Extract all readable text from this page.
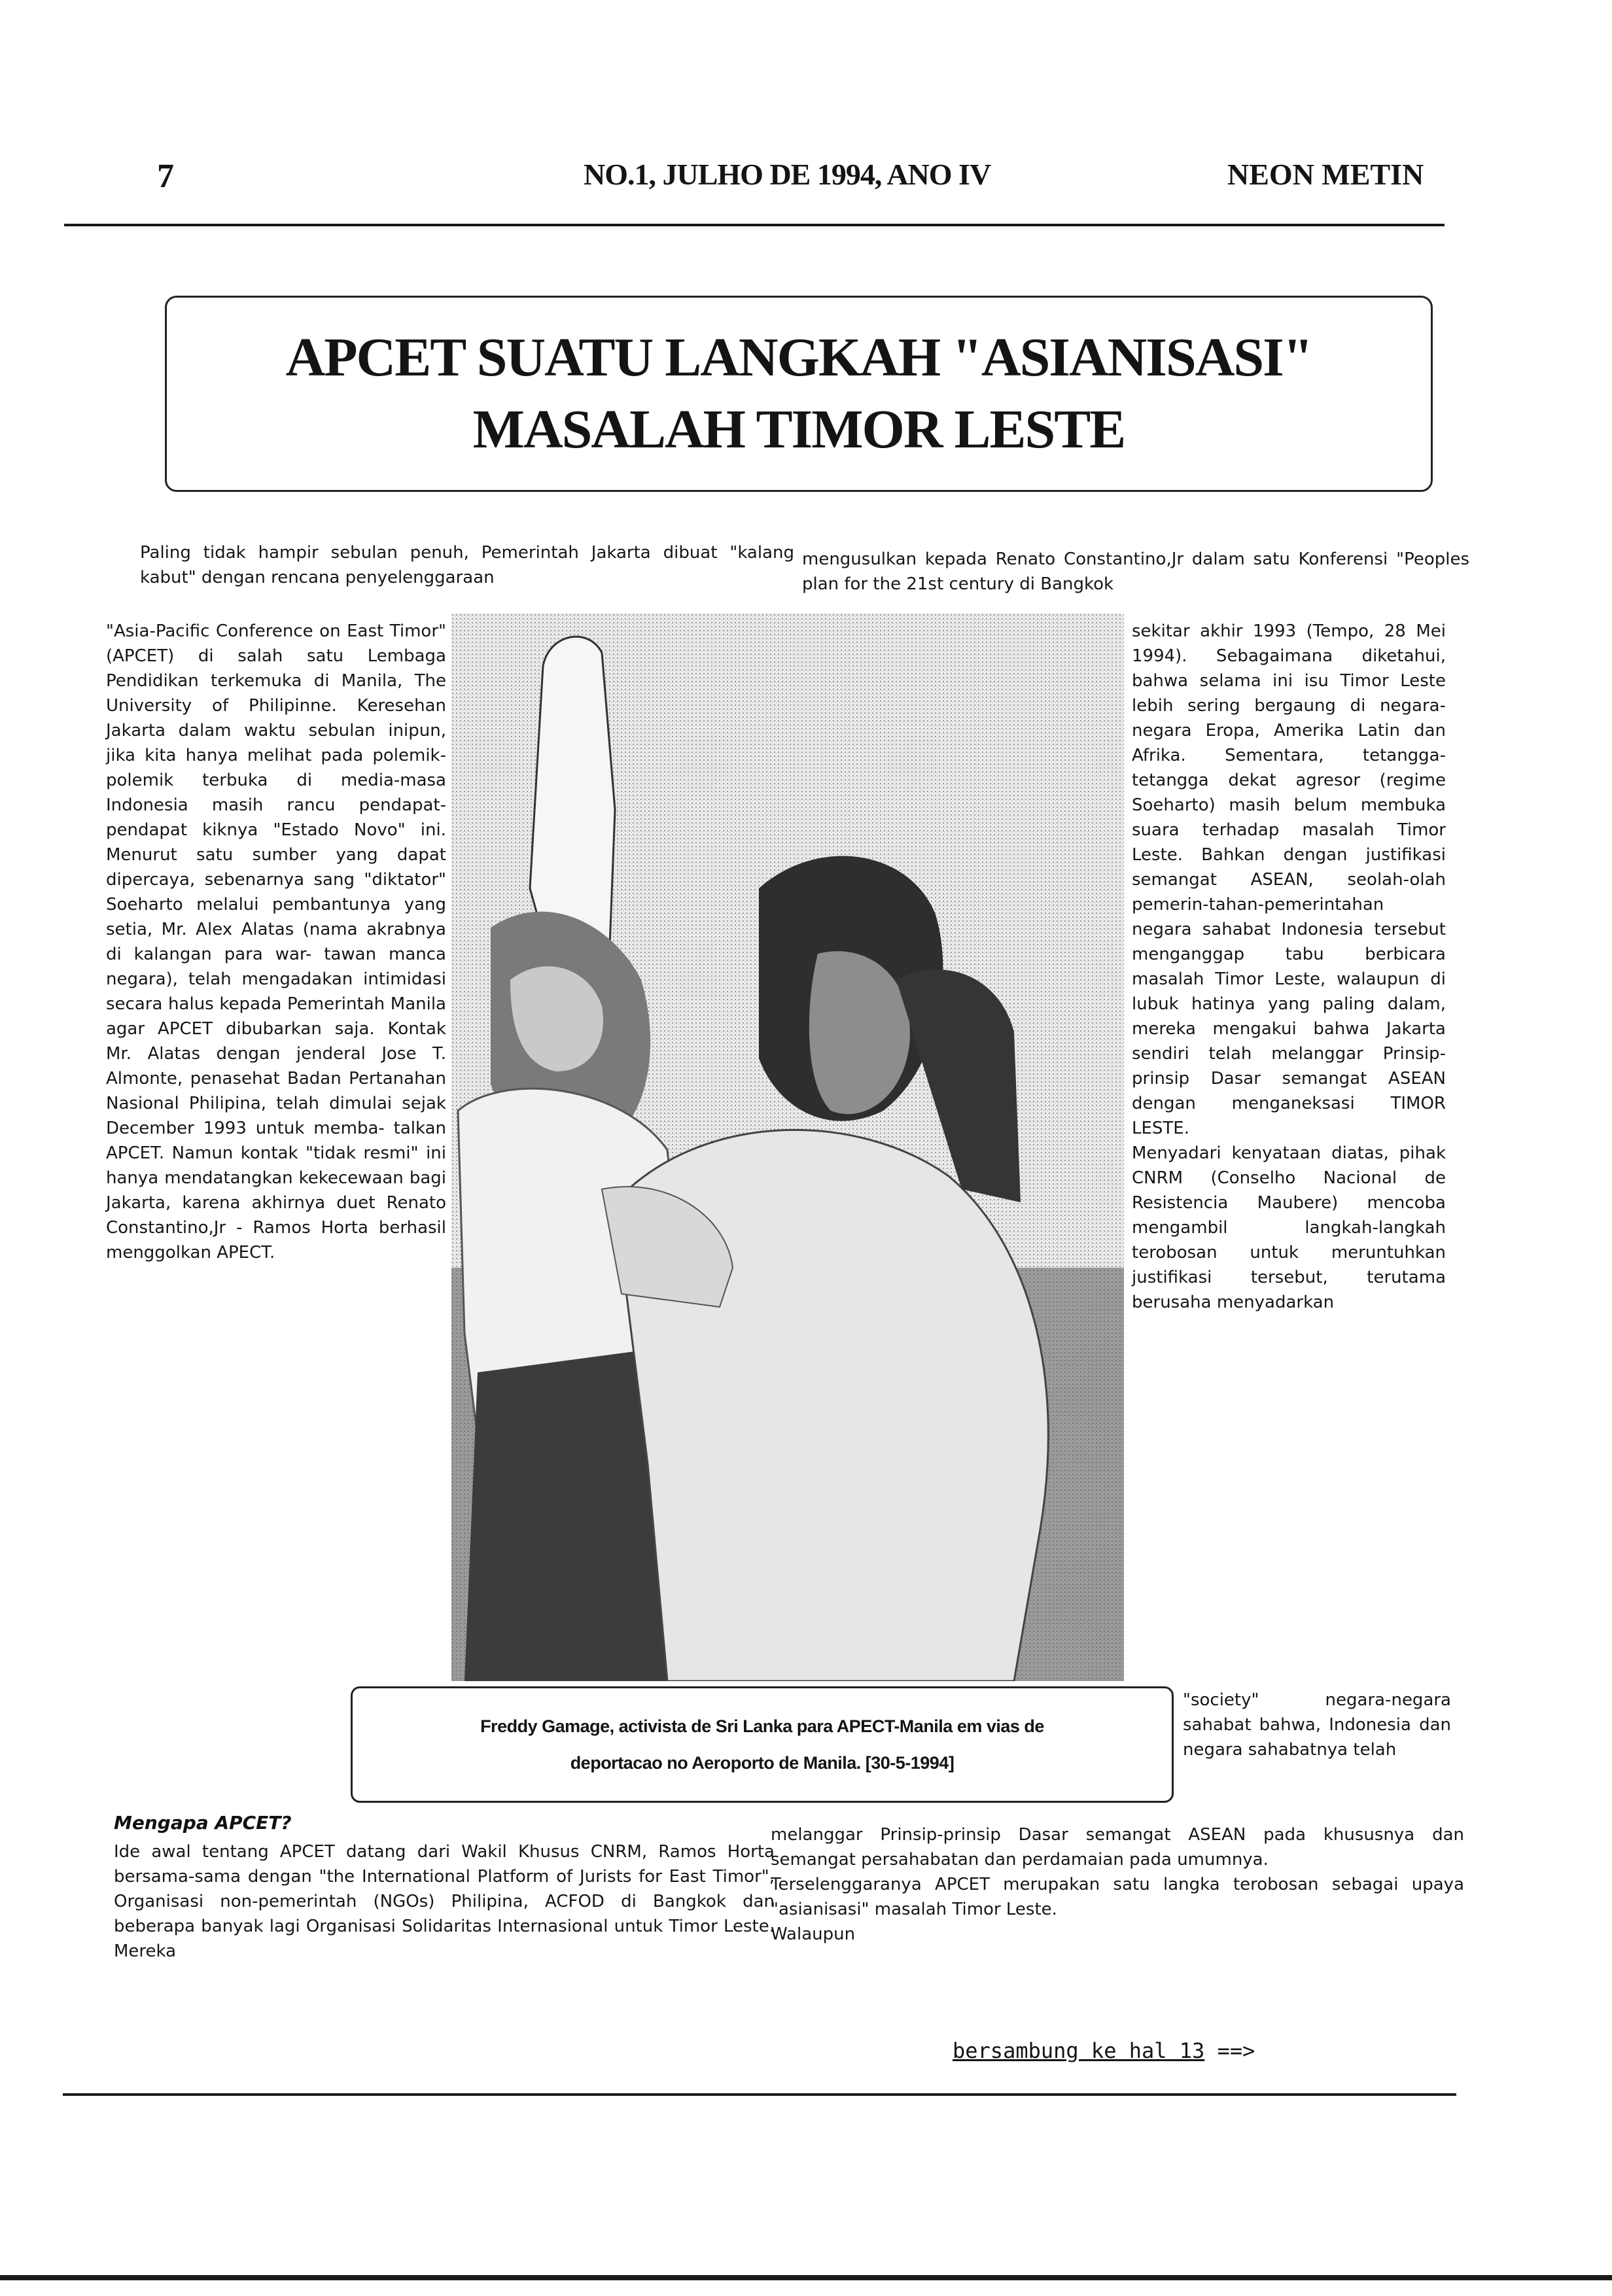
7	NO.1, JULHO DE 1994, ANO IV	NEON METIN
APCET SUATU LANGKAH "ASIANISASI"
MASALAH TIMOR LESTE
Paling tidak hampir sebulan penuh, Pemerintah Jakarta dibuat "kalang kabut" dengan rencana penyelenggaraan
mengusulkan kepada Renato Constantino,Jr dalam satu Konferensi "Peoples plan for the 21st century di Bangkok
"Asia-Pacific Conference on East Timor" (APCET) di salah satu Lembaga Pendidikan terkemuka di Manila, The University of Philipinne. Keresehan Jakarta dalam waktu sebulan inipun, jika kita hanya melihat pada polemik-polemik terbuka di media-masa Indonesia masih rancu pendapat-pendapat kiknya "Estado Novo" ini. Menurut satu sumber yang dapat dipercaya, sebenarnya sang "diktator" Soeharto melalui pembantunya yang setia, Mr. Alex Alatas (nama akrabnya di kalangan para war- tawan manca negara), telah mengadakan intimidasi secara halus kepada Pemerintah Manila agar APCET dibubarkan saja. Kontak Mr. Alatas dengan jenderal Jose T. Almonte, penasehat Badan Pertanahan Nasional Philipina, telah dimulai sejak December 1993 untuk memba- talkan APCET. Namun kontak "tidak resmi" ini hanya mendatangkan kekecewaan bagi Jakarta, karena akhirnya duet Renato Constantino,Jr - Ramos Horta berhasil menggolkan APECT.
sekitar akhir 1993 (Tempo, 28 Mei 1994). Sebagaimana diketahui, bahwa selama ini isu Timor Leste lebih sering bergaung di negara-negara Eropa, Amerika Latin dan Afrika. Sementara, tetangga-tetangga dekat agresor (regime Soeharto) masih belum membuka suara terhadap masalah Timor Leste. Bahkan dengan justifikasi semangat ASEAN, seolah-olah pemerin-tahan-pemerintahan negara sahabat Indonesia tersebut menganggap tabu berbicara masalah Timor Leste, walaupun di lubuk hatinya yang paling dalam, mereka mengakui bahwa Jakarta sendiri telah melanggar Prinsip-prinsip Dasar semangat ASEAN dengan menganeksasi TIMOR LESTE.
Menyadari kenyataan diatas, pihak CNRM (Conselho Nacional de Resistencia Maubere) mencoba mengambil langkah-langkah terobosan untuk meruntuhkan justifikasi tersebut, terutama berusaha menyadarkan
Freddy Gamage, activista de Sri Lanka para APECT-Manila em vias de
deportacao no Aeroporto de Manila. [30-5-1994]
"society" negara-negara sahabat bahwa, Indonesia dan negara sahabatnya telah
Mengapa APCET?
Ide awal tentang APCET datang dari Wakil Khusus CNRM, Ramos Horta bersama-sama dengan "the International Platform of Jurists for East Timor", Organisasi non-pemerintah (NGOs) Philipina, ACFOD di Bangkok dan beberapa banyak lagi Organisasi Solidaritas Internasional untuk Timor Leste. Mereka
melanggar Prinsip-prinsip Dasar semangat ASEAN pada khususnya dan semangat persahabatan dan perdamaian pada umumnya.
Terselenggaranya APCET merupakan satu langka terobosan sebagai upaya "asianisasi" masalah Timor Leste.
Walaupun
bersambung ke hal 13 ==>
